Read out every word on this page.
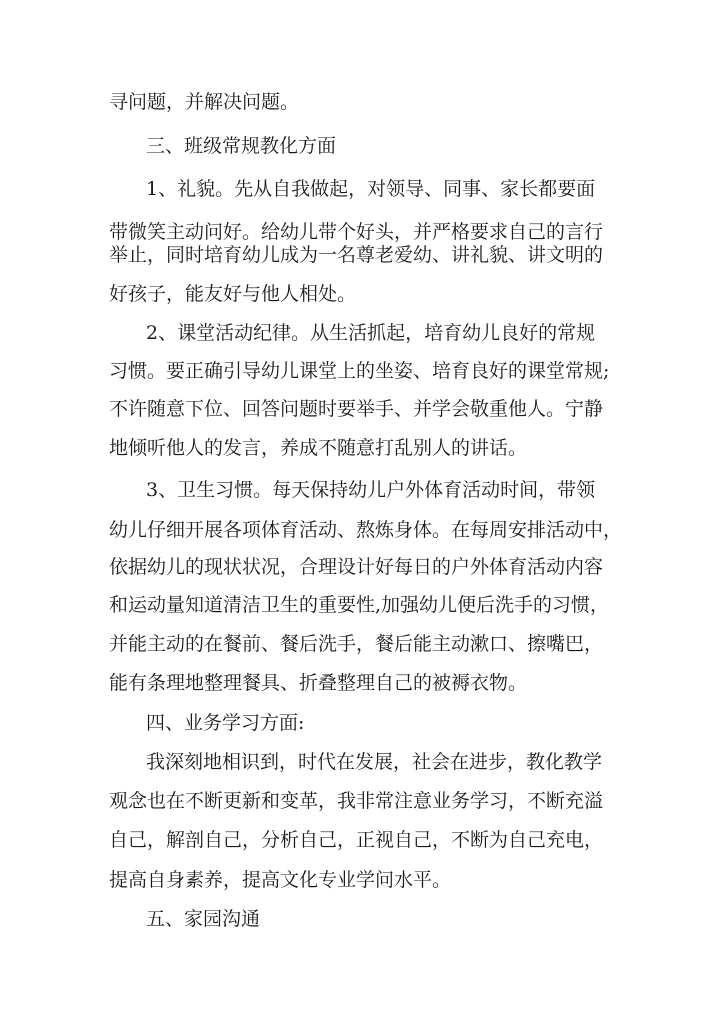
寻问题，并解决问题。
三、班级常规教化方面
1、礼貌。先从自我做起，对领导、同事、家长都要面
带微笑主动问好。给幼儿带个好头，并严格要求自己的言行
举止，同时培育幼儿成为一名尊老爱幼、讲礼貌、讲文明的
好孩子，能友好与他人相处。
2、课堂活动纪律。从生活抓起，培育幼儿良好的常规
习惯。要正确引导幼儿课堂上的坐姿、培育良好的课堂常规;
不许随意下位、回答问题时要举手、并学会敬重他人。宁静
地倾听他人的发言，养成不随意打乱别人的讲话。
3、卫生习惯。每天保持幼儿户外体育活动时间，带领
幼儿仔细开展各项体育活动、熬炼身体。在每周安排活动中，
依据幼儿的现状状况，合理设计好每日的户外体育活动内容
和运动量知道清洁卫生的重要性,加强幼儿便后洗手的习惯，
并能主动的在餐前、餐后洗手，餐后能主动漱口、擦嘴巴，
能有条理地整理餐具、折叠整理自己的被褥衣物。
四、业务学习方面:
我深刻地相识到，时代在发展，社会在进步，教化教学
观念也在不断更新和变革，我非常注意业务学习，不断充溢
自己，解剖自己，分析自己，正视自己，不断为自己充电，
提高自身素养，提高文化专业学问水平。
五、家园沟通
